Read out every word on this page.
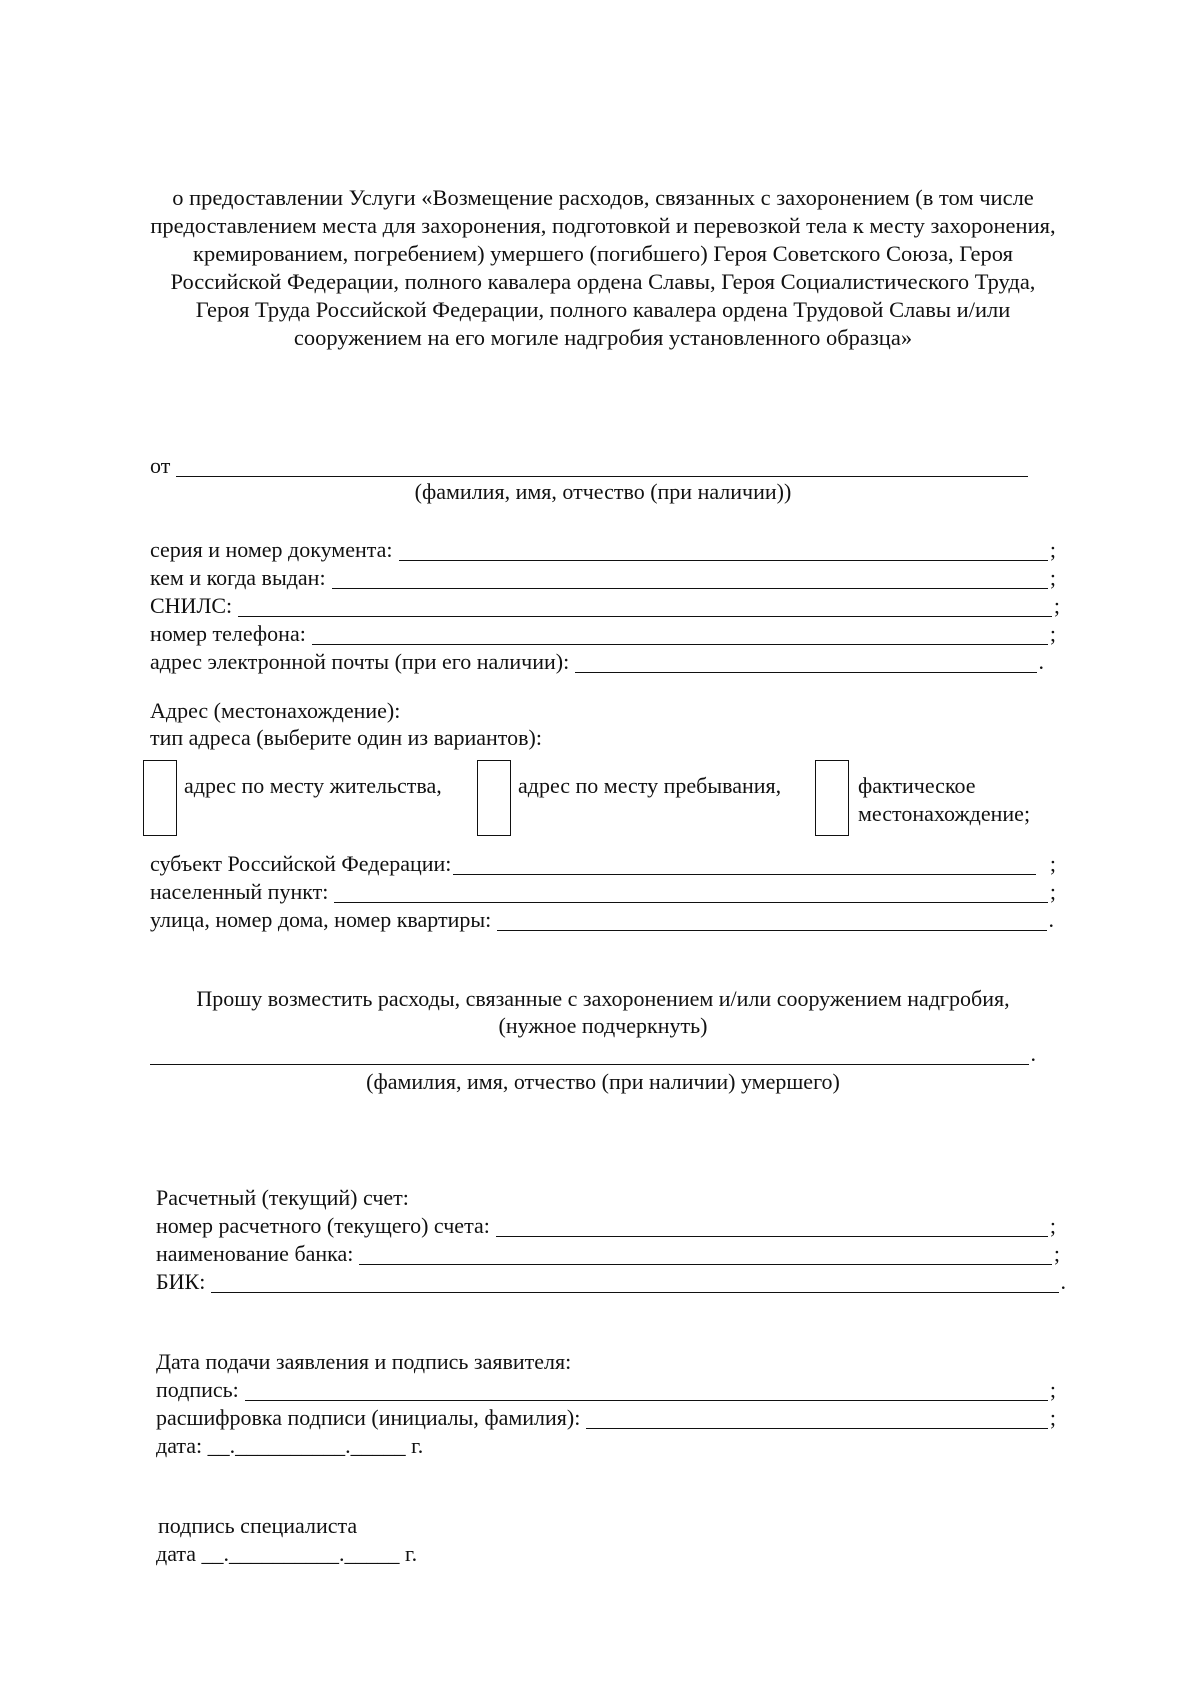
о предоставлении Услуги «Возмещение расходов, связанных с захоронением (в том числе предоставлением места для захоронения, подготовкой и перевозкой тела к месту захоронения, кремированием, погребением) умершего (погибшего) Героя Советского Союза, Героя Российской Федерации, полного кавалера ордена Славы, Героя Социалистического Труда, Героя Труда Российской Федерации, полного кавалера ордена Трудовой Славы и/или сооружением на его могиле надгробия установленного образца»
от
(фамилия, имя, отчество (при наличии))
серия и номер документа:	;
кем и когда выдан:	;
СНИЛС:	;
номер телефона:	;
адрес электронной почты (при его наличии):	.
Адрес (местонахождение):
тип адреса (выберите один из вариантов):
адрес по месту жительства,	адрес по месту пребывания,	фактическое
местонахождение;
субъект Российской Федерации:	;
населенный пункт:	;
улица, номер дома, номер квартиры:	.
Прошу возместить расходы, связанные с захоронением и/или сооружением надгробия,
(нужное подчеркнуть)
.
(фамилия, имя, отчество (при наличии) умершего)
Расчетный (текущий) счет:
номер расчетного (текущего) счета:	;
наименование банка:	;
БИК:	.
Дата подачи заявления и подпись заявителя:
подпись:	;
расшифровка подписи (инициалы, фамилия):	;
дата: __.__________._____ г.
подпись специалиста
дата __.__________._____ г.
